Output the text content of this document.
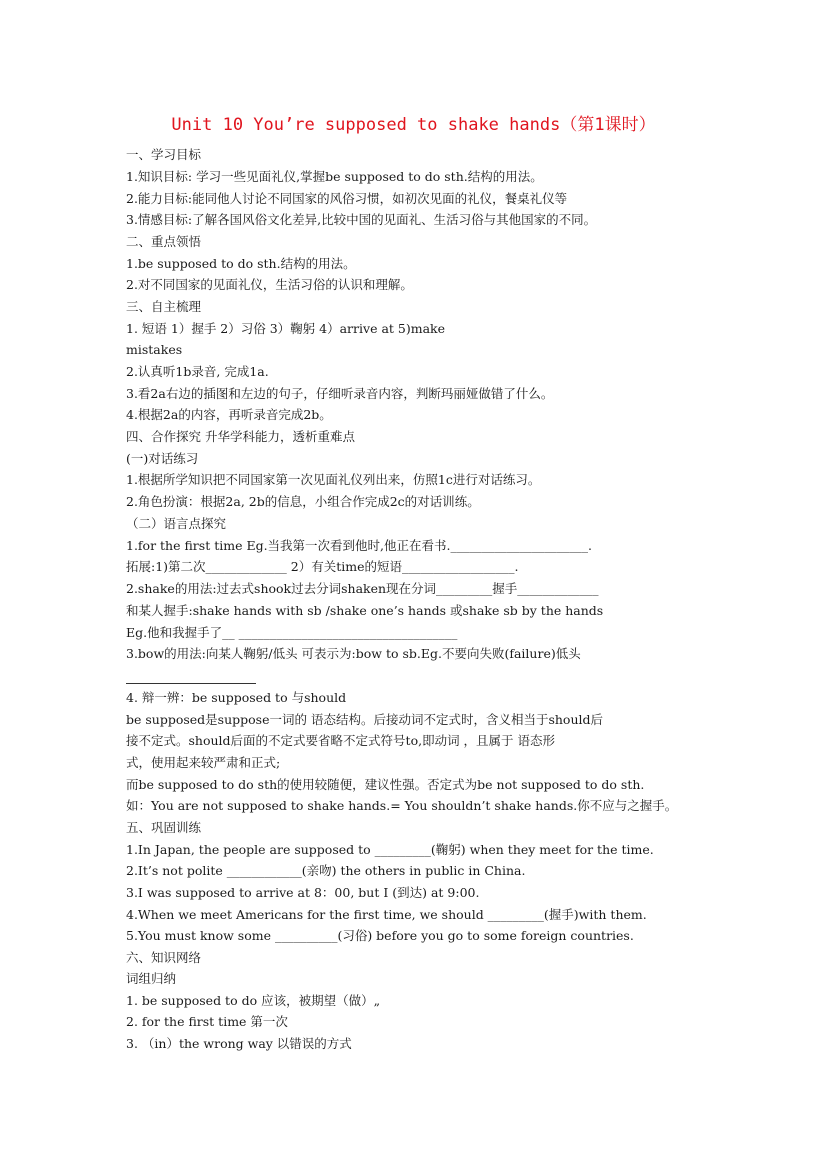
Unit 10 You’re supposed to shake hands（第1课时）
一、学习目标
1.知识目标: 学习一些见面礼仪,掌握be supposed to do sth.结构的用法。
2.能力目标:能同他人讨论不同国家的风俗习惯，如初次见面的礼仪，餐桌礼仪等
3.情感目标:了解各国风俗文化差异,比较中国的见面礼、生活习俗与其他国家的不同。
二、重点领悟
1.be supposed to do sth.结构的用法。
2.对不同国家的见面礼仪，生活习俗的认识和理解。
三、自主梳理
1. 短语 1）握手 2）习俗 3）鞠躬 4）arrive at 5)make
mistakes
2.认真听1b录音, 完成1a.
3.看2a右边的插图和左边的句子，仔细听录音内容，判断玛丽娅做错了什么。
4.根据2a的内容，再听录音完成2b。
四、合作探究 升华学科能力，透析重难点
(一)对话练习
1.根据所学知识把不同国家第一次见面礼仪列出来，仿照1c进行对话练习。
2.角色扮演：根据2a, 2b的信息，小组合作完成2c的对话训练。
（二）语言点探究
1.for the first time Eg.当我第一次看到他时,他正在看书.______________________.
拓展:1)第二次_____________ 2）有关time的短语__________________.
2.shake的用法:过去式shook过去分词shaken现在分词_________握手_____________
和某人握手:shake hands with sb /shake one’s hands 或shake sb by the hands
Eg.他和我握手了__ ___________________________________
3.bow的用法:向某人鞠躬/低头 可表示为:bow to sb.Eg.不要向失败(failure)低头
4. 辩一辨：be supposed to 与should
be supposed是suppose一词的 语态结构。后接动词不定式时，含义相当于should后
接不定式。should后面的不定式要省略不定式符号to,即动词 ，且属于 语态形
式，使用起来较严肃和正式;
而be supposed to do sth的使用较随便，建议性强。否定式为be not supposed to do sth.
如：You are not supposed to shake hands.= You shouldn’t shake hands.你不应与之握手。
五、巩固训练
1.In Japan, the people are supposed to _________(鞠躬) when they meet for the time.
2.It’s not polite ____________(亲吻) the others in public in China.
3.I was supposed to arrive at 8：00, but I (到达) at 9:00.
4.When we meet Americans for the first time, we should _________(握手)with them.
5.You must know some __________(习俗) before you go to some foreign countries.
六、知识网络
词组归纳
1. be supposed to do 应该，被期望（做）„
2. for the first time 第一次
3. （in）the wrong way 以错误的方式
